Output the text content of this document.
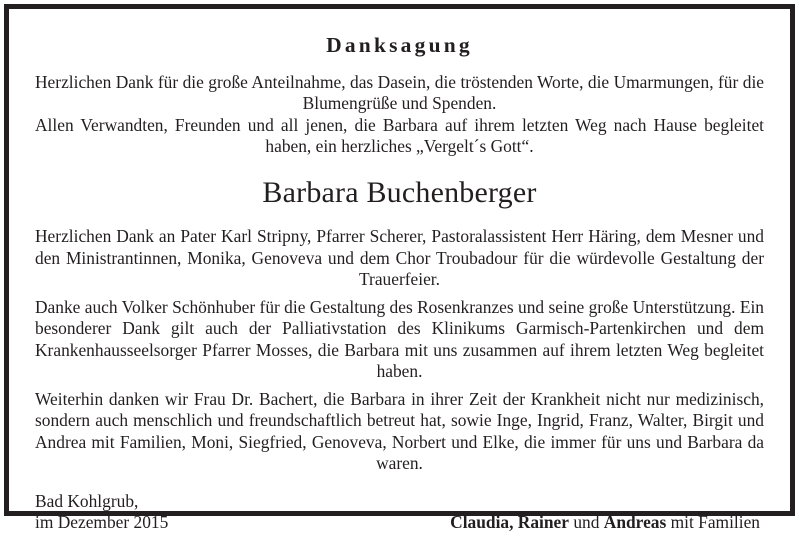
Danksagung

Herzlichen Dank für die große Anteilnahme, das Dasein, die tröstenden Worte, die Umarmungen, für die Blumengrüße und Spenden.

Allen Verwandten, Freunden und all jenen, die Barbara auf ihrem letzten Weg nach Hause begleitet haben, ein herzliches „Vergelt´s Gott“.

Barbara Buchenberger

Herzlichen Dank an Pater Karl Stripny, Pfarrer Scherer, Pastoralassistent Herr Häring, dem Mesner und den Ministrantinnen, Monika, Genoveva und dem Chor Troubadour für die würdevolle Gestaltung der Trauerfeier.

Danke auch Volker Schönhuber für die Gestaltung des Rosenkranzes und seine große Unterstützung. Ein besonderer Dank gilt auch der Palliativstation des Klinikums Garmisch-Partenkirchen und dem Krankenhausseelsorger Pfarrer Mosses, die Barbara mit uns zusammen auf ihrem letzten Weg begleitet haben.

Weiterhin danken wir Frau Dr. Bachert, die Barbara in ihrer Zeit der Krankheit nicht nur medizinisch, sondern auch menschlich und freundschaftlich betreut hat, sowie Inge, Ingrid, Franz, Walter, Birgit und Andrea mit Familien, Moni, Siegfried, Genoveva, Norbert und Elke, die immer für uns und Barbara da waren.

Bad Kohlgrub,
im Dezember 2015	Claudia, Rainer und Andreas mit Familien
